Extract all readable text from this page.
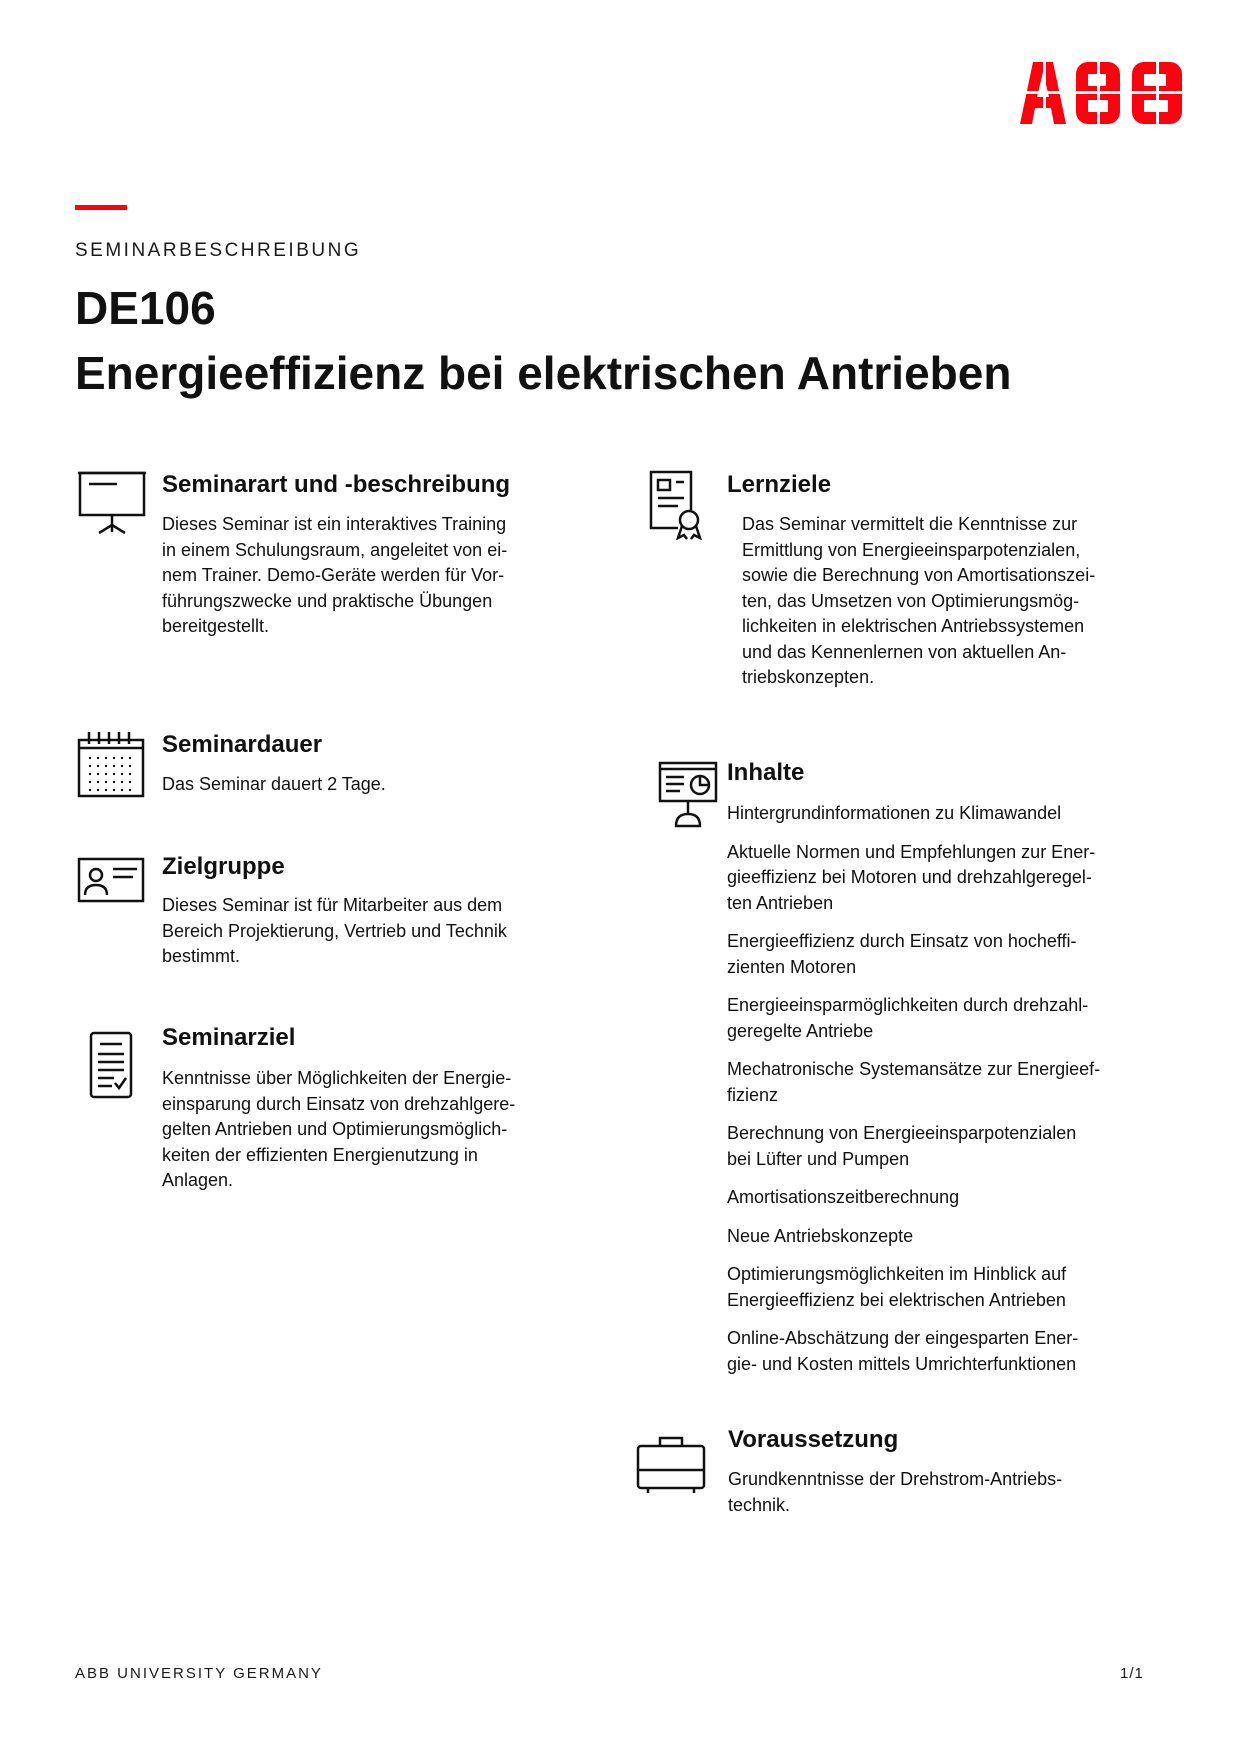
ABB
SEMINARBESCHREIBUNG
DE106
Energieeffizienz bei elektrischen Antrieben
Seminarart und -beschreibung
Dieses Seminar ist ein interaktives Training
in einem Schulungsraum, angeleitet von ei-
nem Trainer. Demo-Geräte werden für Vor-
führungszwecke und praktische Übungen
bereitgestellt.
Seminardauer
Das Seminar dauert 2 Tage.
Zielgruppe
Dieses Seminar ist für Mitarbeiter aus dem
Bereich Projektierung, Vertrieb und Technik
bestimmt.
Seminarziel
Kenntnisse über Möglichkeiten der Energie-
einsparung durch Einsatz von drehzahlgere-
gelten Antrieben und Optimierungsmöglich-
keiten der effizienten Energienutzung in
Anlagen.
Lernziele
Das Seminar vermittelt die Kenntnisse zur
Ermittlung von Energieeinsparpotenzialen,
sowie die Berechnung von Amortisationszei-
ten, das Umsetzen von Optimierungsmög-
lichkeiten in elektrischen Antriebssystemen
und das Kennenlernen von aktuellen An-
triebskonzepten.
Inhalte
Hintergrundinformationen zu Klimawandel
Aktuelle Normen und Empfehlungen zur Ener-
gieeffizienz bei Motoren und drehzahlgeregel-
ten Antrieben
Energieeffizienz durch Einsatz von hocheffi-
zienten Motoren
Energieeinsparmöglichkeiten durch drehzahl-
geregelte Antriebe
Mechatronische Systemansätze zur Energieef-
fizienz
Berechnung von Energieeinsparpotenzialen
bei Lüfter und Pumpen
Amortisationszeitberechnung
Neue Antriebskonzepte
Optimierungsmöglichkeiten im Hinblick auf
Energieeffizienz bei elektrischen Antrieben
Online-Abschätzung der eingesparten Ener-
gie- und Kosten mittels Umrichterfunktionen
Voraussetzung
Grundkenntnisse der Drehstrom-Antriebs-
technik.
ABB UNIVERSITY GERMANY	1/1
